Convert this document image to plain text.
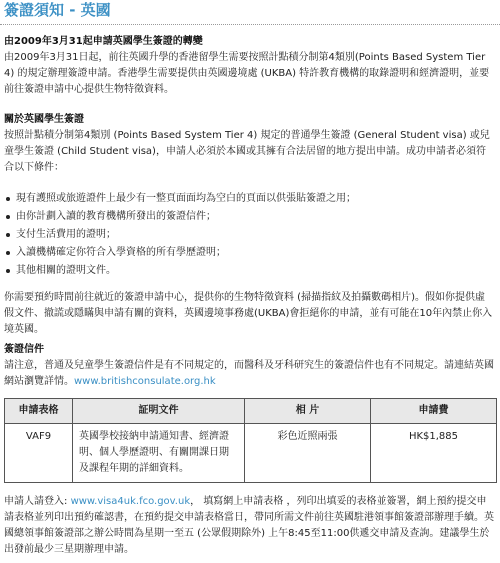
簽證須知 - 英國
由2009年3月31起申請英國學生簽證的轉變
由2009年3月31日起，前往英國升學的香港留學生需要按照計點積分制第4類別(Points Based System Tier 4) 的規定辦理簽證申請。香港學生需要提供由英國邊境處 (UKBA) 特許教育機構的取錄證明和經濟證明，並要前往簽證申請中心提供生物特徵資料。
關於英國學生簽證
按照計點積分制第4類別 (Points Based System Tier 4) 規定的普通學生簽證 (General Student visa) 或兒童學生簽證 (Child Student visa)，申請人必須於本國或其擁有合法居留的地方提出申請。成功申請者必須符合以下條件：
現有護照或旅遊證件上最少有一整頁面面均為空白的頁面以供張貼簽證之用；
由你計劃入讀的教育機構所發出的簽證信件；
支付生活費用的證明；
入讀機構確定你符合入學資格的所有學歷證明；
其他相關的證明文件。
你需要預約時間前往就近的簽證申請中心，提供你的生物特徵資料 (掃描指紋及拍攝數碼相片)。假如你提供虛假文件、撤謊或隱瞞與申請有關的資料，英國邊境事務處(UKBA)會拒絕你的申請，並有可能在10年內禁止你入境英國。
簽證信件
請注意，普通及兒童學生簽證信件是有不同規定的，而醫科及牙科研究生的簽證信件也有不同規定。請連結英國網站瀏覽詳情。www.britishconsulate.org.hk
申請表格	証明文件	相 片	申請費
VAF9	英國學校接納申請通知書、經濟證明、個人學歷證明、有關開課日期及課程年期的詳細資料。	彩色近照兩張	HK$1,885
申請人請登入: www.visa4uk.fco.gov.uk， 填寫網上申請表格 ，列印出填妥的表格並簽署，網上預約提交申請表格並列印出預約確認書，在預約提交申請表格當日，帶同所需文件前往英國駐港領事館簽證部辦理手續。英國總領事館簽證部之辦公時間為星期一至五 (公眾假期除外) 上午8:45至11:00供遞交申請及查詢。建議學生於出發前最少三星期辦理申請。
